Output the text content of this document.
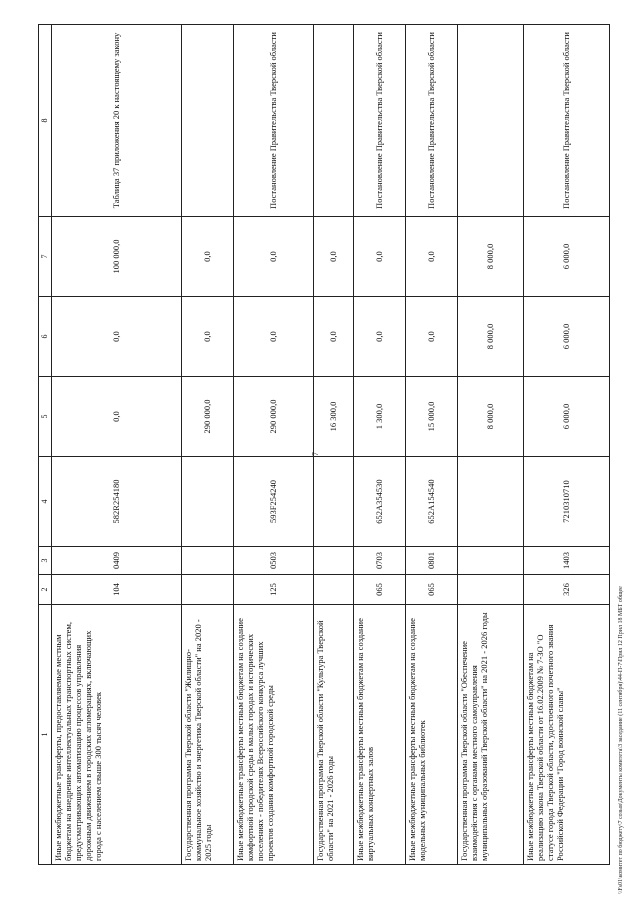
7
1	2	3	4	5	6	7	8
Иные межбюджетные трансферты, предоставляемые местным бюджетам на внедрение интеллектуальных транспортных систем, предусматривающих автоматизацию процессов управления дорожным движением в городских агломерациях, включающих города с населением свыше 300 тысяч человек	104	0409	582R254180	0,0	0,0	100 000,0	Таблица 37 приложения 20 к настоящему закону
Государственная программа Тверской области "Жилищно-коммунальное хозяйство и энергетика Тверской области" на 2020 - 2025 годы				290 000,0	0,0	0,0	
Иные межбюджетные трансферты местным бюджетам на создание комфортной городской среды в малых городах и исторических поселениях - победителях Всероссийского конкурса лучших проектов создания комфортной городской среды	125	0503	593F254240	290 000,0	0,0	0,0	Постановление Правительства Тверской области
Государственная программа Тверской области "Культура Тверской области" на 2021 - 2026 годы				16 300,0	0,0	0,0	
Иные межбюджетные трансферты местным бюджетам на создание виртуальных концертных залов	065	0703	652A354530	1 300,0	0,0	0,0	Постановление Правительства Тверской области
Иные межбюджетные трансферты местным бюджетам на создание модельных муниципальных библиотек	065	0801	652A154540	15 000,0	0,0	0,0	Постановление Правительства Тверской области
Государственная программа Тверской области "Обеспечение взаимодействия с органами местного самоуправления муниципальных образований Тверской области" на 2021 - 2026 годы				8 000,0	8 000,0	8 000,0	
Иные межбюджетные трансферты местным бюджетам на реализацию закона Тверской области от 16.02.2009 № 7-ЗО "О статусе города Тверской области, удостоенного почетного звания Российской Федерации "Город воинской славы"	326	1403	7210310710	6 000,0	6 000,0	6 000,0	Постановление Правительства Тверской области
\\Fs01\комитет по бюджету\7 созыв\Документы комитета\3 заседание (11 сентября)\44-П-7\Прил 12 Прил 18 МБТ общее
